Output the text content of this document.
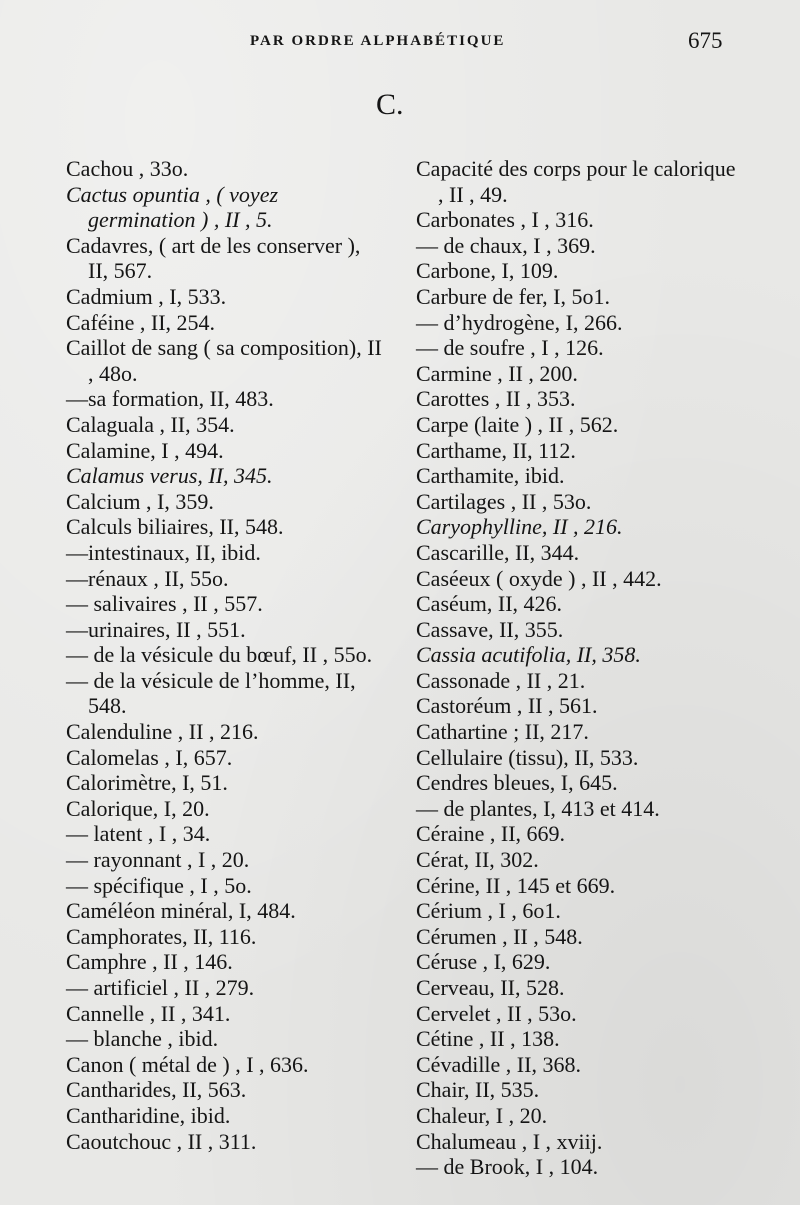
PAR ORDRE ALPHABÉTIQUE	675
C.
Cachou , 33o.
Cactus opuntia , ( voyez germination ) , II , 5.
Cadavres, ( art de les conserver ), II, 567.
Cadmium , I, 533.
Caféine , II, 254.
Caillot de sang ( sa composition), II , 48o.
—sa formation, II, 483.
Calaguala , II, 354.
Calamine, I , 494.
Calamus verus, II, 345.
Calcium , I, 359.
Calculs biliaires, II, 548.
—intestinaux, II, ibid.
—rénaux , II, 55o.
— salivaires , II , 557.
—urinaires, II , 551.
— de la vésicule du bœuf, II , 55o.
— de la vésicule de l’homme, II, 548.
Calenduline , II , 216.
Calomelas , I, 657.
Calorimètre, I, 51.
Calorique, I, 20.
— latent , I , 34.
— rayonnant , I , 20.
— spécifique , I , 5o.
Caméléon minéral, I, 484.
Camphorates, II, 116.
Camphre , II , 146.
— artificiel , II , 279.
Cannelle , II , 341.
— blanche , ibid.
Canon ( métal de ) , I , 636.
Cantharides, II, 563.
Cantharidine, ibid.
Caoutchouc , II , 311.
Capacité des corps pour le calorique , II , 49.
Carbonates , I , 316.
— de chaux, I , 369.
Carbone, I, 109.
Carbure de fer, I, 5o1.
— d’hydrogène, I, 266.
— de soufre , I , 126.
Carmine , II , 200.
Carottes , II , 353.
Carpe (laite ) , II , 562.
Carthame, II, 112.
Carthamite, ibid.
Cartilages , II , 53o.
Caryophylline, II , 216.
Cascarille, II, 344.
Caséeux ( oxyde ) , II , 442.
Caséum, II, 426.
Cassave, II, 355.
Cassia acutifolia, II, 358.
Cassonade , II , 21.
Castoréum , II , 561.
Cathartine ; II, 217.
Cellulaire (tissu), II, 533.
Cendres bleues, I, 645.
— de plantes, I, 413 et 414.
Céraine , II, 669.
Cérat, II, 302.
Cérine, II , 145 et 669.
Cérium , I , 6o1.
Cérumen , II , 548.
Céruse , I, 629.
Cerveau, II, 528.
Cervelet , II , 53o.
Cétine , II , 138.
Cévadille , II, 368.
Chair, II, 535.
Chaleur, I , 20.
Chalumeau , I , xviij.
— de Brook, I , 104.
